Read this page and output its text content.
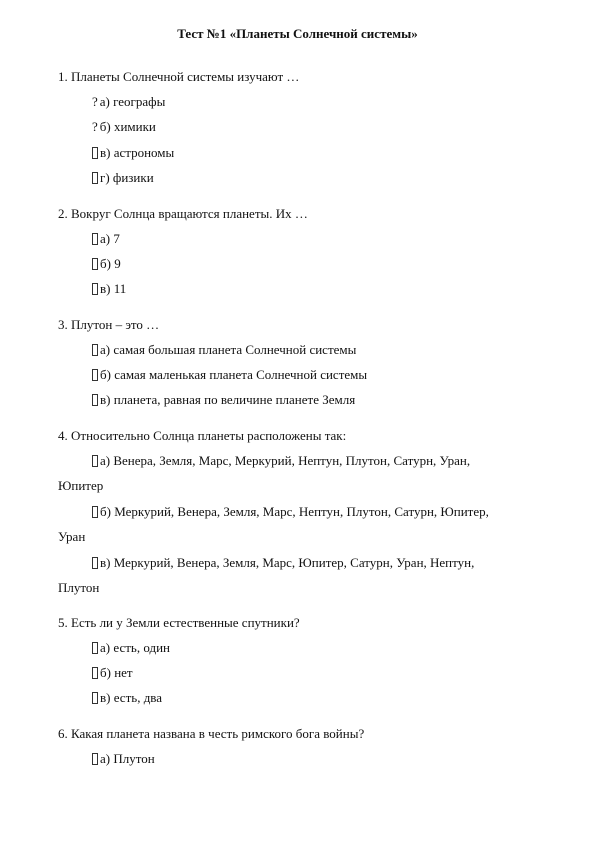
Тест №1 «Планеты Солнечной системы»
1. Планеты Солнечной системы изучают …
? а) географы
? б) химики
в) астрономы
г) физики
2. Вокруг Солнца вращаются планеты. Их …
а) 7
б) 9
в) 11
3. Плутон – это …
а) самая большая планета Солнечной системы
б) самая маленькая планета Солнечной системы
в) планета, равная по величине планете Земля
4. Относительно Солнца планеты расположены так:
а) Венера, Земля, Марс, Меркурий, Нептун, Плутон, Сатурн, Уран,
Юпитер
б) Меркурий, Венера, Земля, Марс, Нептун, Плутон, Сатурн, Юпитер,
Уран
в) Меркурий, Венера, Земля, Марс, Юпитер, Сатурн, Уран, Нептун,
Плутон
5. Есть ли у Земли естественные спутники?
а) есть, один
б) нет
в) есть, два
6. Какая планета названа в честь римского бога войны?
а) Плутон
